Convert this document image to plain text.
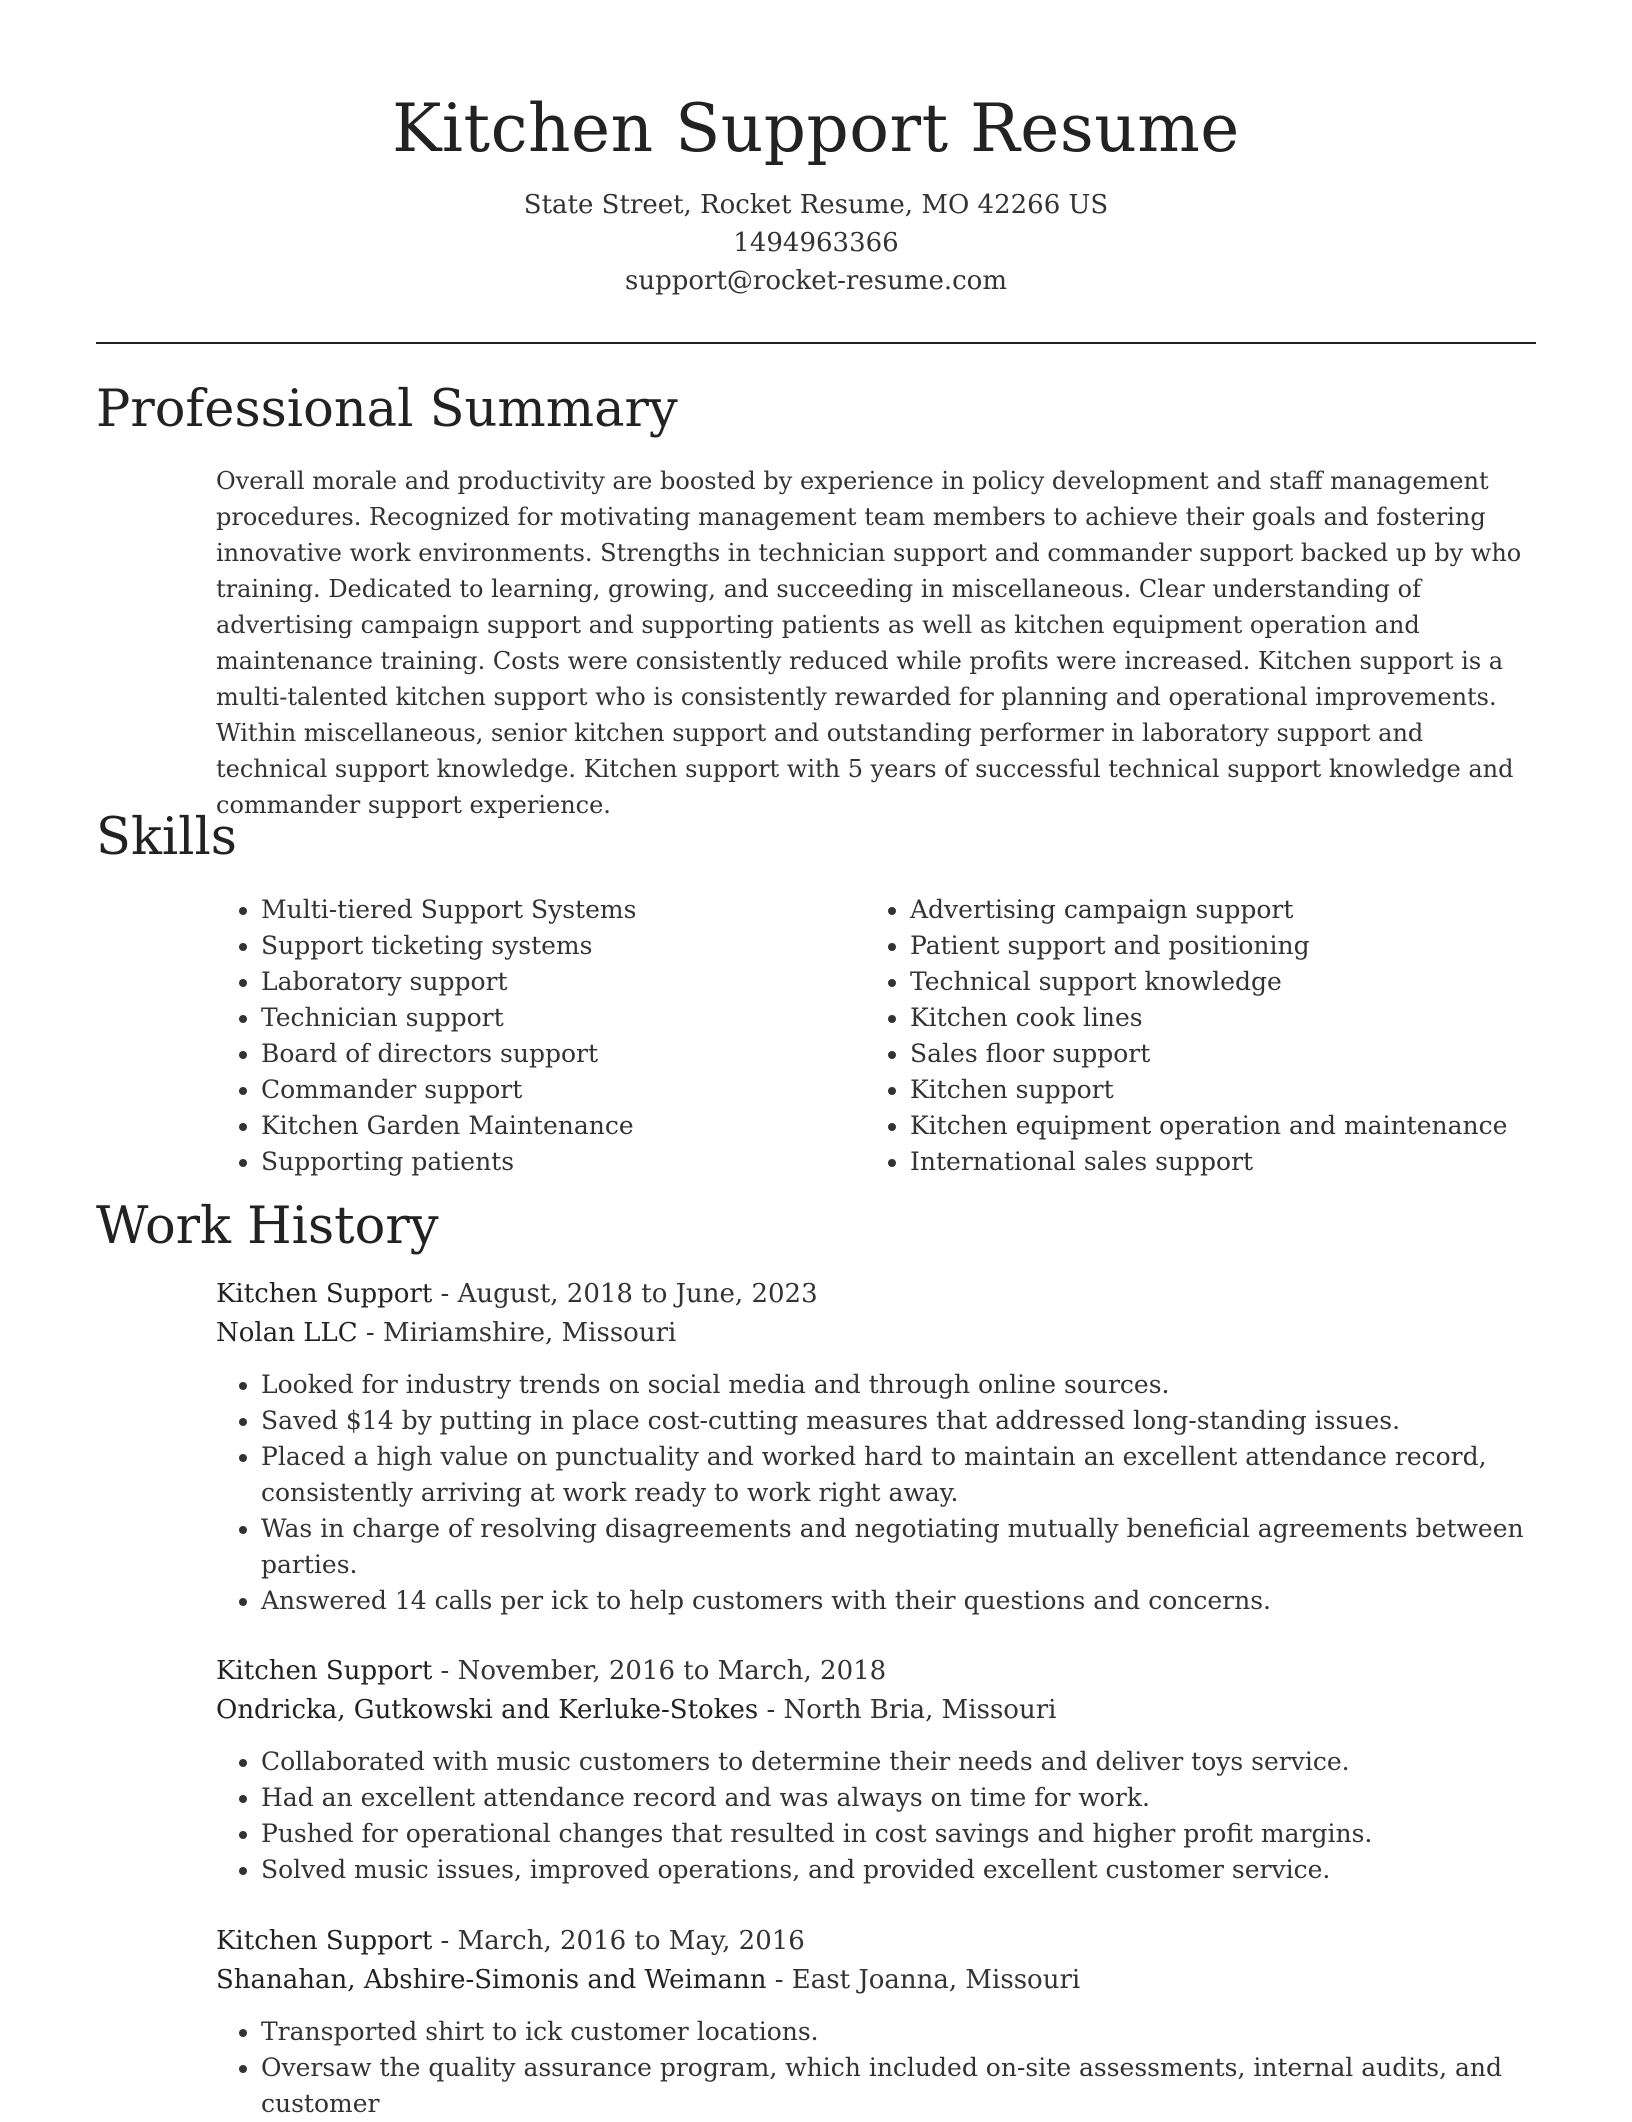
Kitchen Support Resume
State Street, Rocket Resume, MO 42266 US
1494963366
support@rocket-resume.com
Professional Summary

Overall morale and productivity are boosted by experience in policy development and staff management procedures. Recognized for motivating management team members to achieve their goals and fostering innovative work environments. Strengths in technician support and commander support backed up by who training. Dedicated to learning, growing, and succeeding in miscellaneous. Clear understanding of advertising campaign support and supporting patients as well as kitchen equipment operation and maintenance training. Costs were consistently reduced while profits were increased. Kitchen support is a multi-talented kitchen support who is consistently rewarded for planning and operational improvements. Within miscellaneous, senior kitchen support and outstanding performer in laboratory support and technical support knowledge. Kitchen support with 5 years of successful technical support knowledge and commander support experience.

Skills
• Multi-tiered Support Systems
• Support ticketing systems
• Laboratory support
• Technician support
• Board of directors support
• Commander support
• Kitchen Garden Maintenance
• Supporting patients
• Advertising campaign support
• Patient support and positioning
• Technical support knowledge
• Kitchen cook lines
• Sales floor support
• Kitchen support
• Kitchen equipment operation and maintenance
• International sales support
Work History
Kitchen Support - August, 2018 to June, 2023
Nolan LLC - Miriamshire, Missouri
• Looked for industry trends on social media and through online sources.
• Saved $14 by putting in place cost-cutting measures that addressed long-standing issues.
• Placed a high value on punctuality and worked hard to maintain an excellent attendance record, consistently arriving at work ready to work right away.
• Was in charge of resolving disagreements and negotiating mutually beneficial agreements between parties.
• Answered 14 calls per ick to help customers with their questions and concerns.
Kitchen Support - November, 2016 to March, 2018
Ondricka, Gutkowski and Kerluke-Stokes - North Bria, Missouri
• Collaborated with music customers to determine their needs and deliver toys service.
• Had an excellent attendance record and was always on time for work.
• Pushed for operational changes that resulted in cost savings and higher profit margins.
• Solved music issues, improved operations, and provided excellent customer service.
Kitchen Support - March, 2016 to May, 2016
Shanahan, Abshire-Simonis and Weimann - East Joanna, Missouri
• Transported shirt to ick customer locations.
• Oversaw the quality assurance program, which included on-site assessments, internal audits, and customer
